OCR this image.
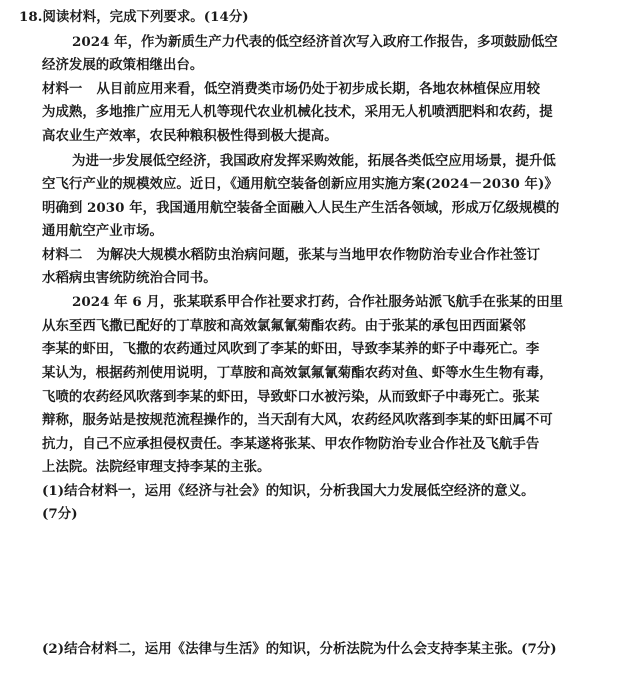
18.阅读材料，完成下列要求。(14分)
2024 年，作为新质生产力代表的低空经济首次写入政府工作报告，多项鼓励低空
经济发展的政策相继出台。
材料一 从目前应用来看，低空消费类市场仍处于初步成长期，各地农林植保应用较
为成熟，多地推广应用无人机等现代农业机械化技术，采用无人机喷洒肥料和农药，提
高农业生产效率，农民种粮积极性得到极大提高。
为进一步发展低空经济，我国政府发挥采购效能，拓展各类低空应用场景，提升低
空飞行产业的规模效应。近日，《通用航空装备创新应用实施方案(2024－2030 年)》
明确到 2030 年，我国通用航空装备全面融入人民生产生活各领域，形成万亿级规模的
通用航空产业市场。
材料二 为解决大规模水稻防虫治病问题，张某与当地甲农作物防治专业合作社签订
水稻病虫害统防统治合同书。
2024 年 6 月，张某联系甲合作社要求打药，合作社服务站派飞航手在张某的田里
从东至西飞撒已配好的丁草胺和高效氯氟氰菊酯农药。由于张某的承包田西面紧邻
李某的虾田，飞撒的农药通过风吹到了李某的虾田，导致李某养的虾子中毒死亡。李
某认为，根据药剂使用说明，丁草胺和高效氯氟氰菊酯农药对鱼、虾等水生生物有毒，
飞喷的农药经风吹落到李某的虾田，导致虾口水被污染，从而致虾子中毒死亡。张某
辩称，服务站是按规范流程操作的，当天刮有大风，农药经风吹落到李某的虾田属不可
抗力，自己不应承担侵权责任。李某遂将张某、甲农作物防治专业合作社及飞航手告
上法院。法院经审理支持李某的主张。
(1)结合材料一，运用《经济与社会》的知识，分析我国大力发展低空经济的意义。
(7分)
(2)结合材料二，运用《法律与生活》的知识，分析法院为什么会支持李某主张。(7分)
